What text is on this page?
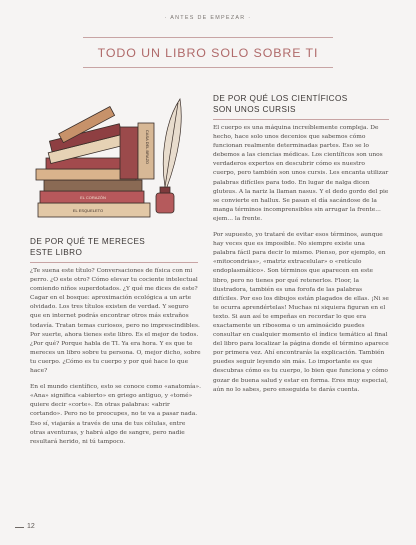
· ANTES DE EMPEZAR ·
TODO UN LIBRO SOLO SOBRE TI
EL ESQUELETO
EL CORAZÓN
CASA DEL BRAZO
DE POR QUÉ TE MERECES
ESTE LIBRO

¿Te suena este título? Conversaciones de física con mi perro. ¿O este otro? Cómo elevar tu cociente intelectual comiendo niños superdotados. ¿Y qué me dices de este? Cagar en el bosque: aproximación ecológica a un arte olvidado. Los tres títulos existen de verdad. Y seguro que en internet podrás encontrar otros más extraños todavía. Tratan temas curiosos, pero no imprescindibles. Por suerte, ahora tienes este libro. Es el mejor de todos. ¿Por qué? Porque habla de TI. Ya era hora. Y es que te mereces un libro sobre tu persona. O, mejor dicho, sobre tu cuerpo. ¿Cómo es tu cuerpo y por qué hace lo que hace?

En el mundo científico, esto se conoce como «anatomía». «Ana» significa «abierto» en griego antiguo, y «tomé» quiere decir «corte». En otras palabras: «abrir cortando». Pero no te preocupes, no te va a pasar nada. Eso sí, viajarás a través de una de tus células, entre otras aventuras, y habrá algo de sangre, pero nadie resultará herido, ni tú tampoco.

DE POR QUÉ LOS CIENTÍFICOS
SON UNOS CURSIS

El cuerpo es una máquina increíblemente compleja. De hecho, hace solo unos decenios que sabemos cómo funcionan realmente determinadas partes. Eso se lo debemos a las ciencias médicas. Los científicos son unos verdaderos expertos en descubrir cómo es nuestro cuerpo, pero también son unos cursis. Les encanta utilizar palabras difíciles para todo. En lugar de nalga dicen gluteus. A la nariz la llaman nasus. Y el dedo gordo del pie se convierte en hallux. Se pasan el día sacándose de la manga términos incomprensibles sin arrugar la frente... ejem... la frente.

Por supuesto, yo trataré de evitar esos términos, aunque hay veces que es imposible. No siempre existe una palabra fácil para decir lo mismo. Pienso, por ejemplo, en «mitocondrias», «matriz extracelular» o «retículo endoplasmático». Son términos que aparecen en este libro, pero no tienes por qué retenerlos. Floor, la ilustradora, también es una forofa de las palabras difíciles. Por eso los dibujos están plagados de ellas. ¡Ni se te ocurra aprendértelas! Muchas ni siquiera figuran en el texto. Si aun así te empeñas en recordar lo que era exactamente un ribosoma o un aminoácido puedes consultar en cualquier momento el índice temático al final del libro para localizar la página donde el término aparece por primera vez. Ahí encontrarás la explicación. También puedes seguir leyendo sin más. Lo importante es que descubras cómo es tu cuerpo, lo bien que funciona y cómo gozar de buena salud y estar en forma. Eres muy especial, aún no lo sabes, pero enseguida te darás cuenta.

12
